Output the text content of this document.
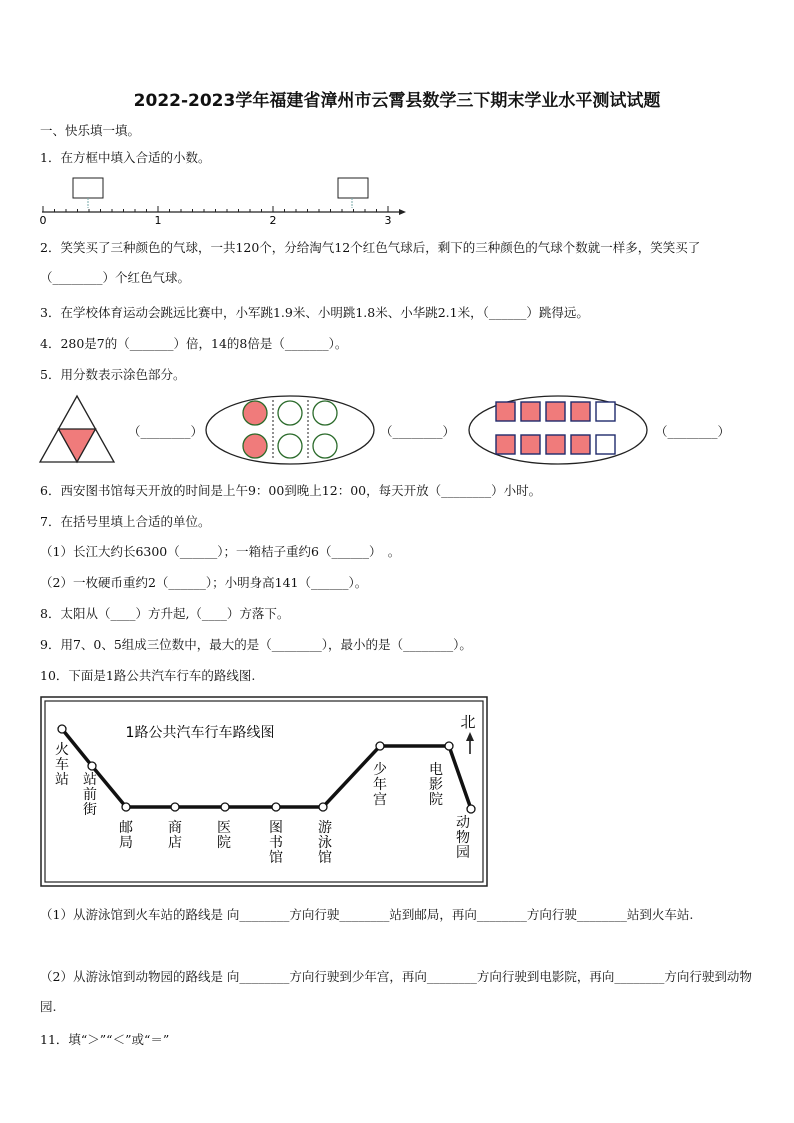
2022-2023学年福建省漳州市云霄县数学三下期末学业水平测试试题
一、快乐填一填。
1．在方框中填入合适的小数。
0	1	2	3
2．笑笑买了三种颜色的气球，一共120个，分给淘气12个红色气球后，剩下的三种颜色的气球个数就一样多，笑笑买了（________）个红色气球。
3．在学校体育运动会跳远比赛中，小军跳1.9米、小明跳1.8米、小华跳2.1米，（______）跳得远。
4．280是7的（_______）倍，14的8倍是（_______）。
5．用分数表示涂色部分。
（________）	（________）	（________）
6．西安图书馆每天开放的时间是上午9：00到晚上12：00，每天开放（________）小时。
7．在括号里填上合适的单位。
（1）长江大约长6300（______）；一箱桔子重约6（______）　。
（2）一枚硬币重约2（______）；小明身高141（______）。
8．太阳从（____）方升起,（____）方落下。
9．用7、0、5组成三位数中，最大的是（________），最小的是（________）。
10．下面是1路公共汽车行车的路线图.
1路公共汽车行车路线图
北
火车站 站前街
邮局
商店
医院
图书馆
游泳馆
少年宫
电影院
动物园
（1）从游泳馆到火车站的路线是 向________方向行驶________站到邮局，再向________方向行驶________站到火车站.
（2）从游泳馆到动物园的路线是 向________方向行驶到少年宫，再向________方向行驶到电影院，再向________方向行驶到动物园.
11．填“＞”“＜”或“＝”
